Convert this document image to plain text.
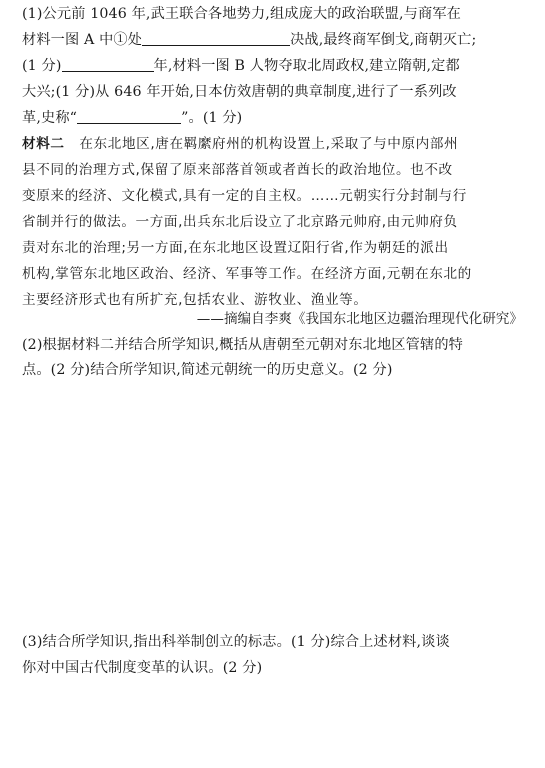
(1)公元前 1046 年,武王联合各地势力,组成庞大的政治联盟,与商军在
材料一图 A 中①处	决战,最终商军倒戈,商朝灭亡;
(1 分)	年,材料一图 B 人物夺取北周政权,建立隋朝,定都
大兴;(1 分)从 646 年开始,日本仿效唐朝的典章制度,进行了一系列改
革,史称“	”。(1 分)
材料二 在东北地区,唐在羁縻府州的机构设置上,采取了与中原内部州
县不同的治理方式,保留了原来部落首领或者酋长的政治地位。也不改
变原来的经济、文化模式,具有一定的自主权。……元朝实行分封制与行
省制并行的做法。一方面,出兵东北后设立了北京路元帅府,由元帅府负
责对东北的治理;另一方面,在东北地区设置辽阳行省,作为朝廷的派出
机构,掌管东北地区政治、经济、军事等工作。在经济方面,元朝在东北的
主要经济形式也有所扩充,包括农业、游牧业、渔业等。
——摘编自李爽《我国东北地区边疆治理现代化研究》
(2)根据材料二并结合所学知识,概括从唐朝至元朝对东北地区管辖的特
点。(2 分)结合所学知识,简述元朝统一的历史意义。(2 分)
(3)结合所学知识,指出科举制创立的标志。(1 分)综合上述材料,谈谈
你对中国古代制度变革的认识。(2 分)
